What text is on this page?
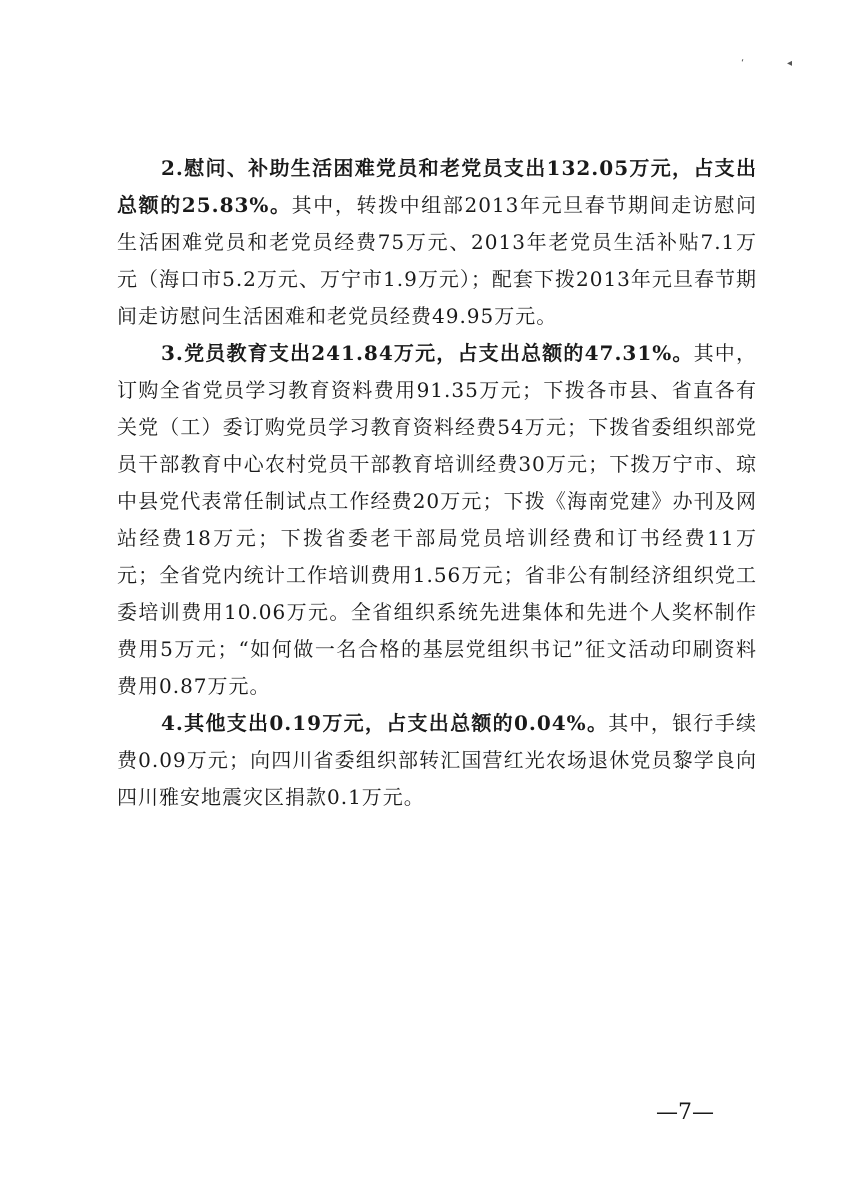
‘	◂

2.慰问、补助生活困难党员和老党员支出132.05万元，占支出总额的25.83%。其中，转拨中组部2013年元旦春节期间走访慰问生活困难党员和老党员经费75万元、2013年老党员生活补贴7.1万元（海口市5.2万元、万宁市1.9万元）；配套下拨2013年元旦春节期间走访慰问生活困难和老党员经费49.95万元。

3.党员教育支出241.84万元，占支出总额的47.31%。其中，订购全省党员学习教育资料费用91.35万元；下拨各市县、省直各有关党（工）委订购党员学习教育资料经费54万元；下拨省委组织部党员干部教育中心农村党员干部教育培训经费30万元；下拨万宁市、琼中县党代表常任制试点工作经费20万元；下拨《海南党建》办刊及网站经费18万元；下拨省委老干部局党员培训经费和订书经费11万元；全省党内统计工作培训费用1.56万元；省非公有制经济组织党工委培训费用10.06万元。全省组织系统先进集体和先进个人奖杯制作费用5万元；“如何做一名合格的基层党组织书记”征文活动印刷资料费用0.87万元。

4.其他支出0.19万元，占支出总额的0.04%。其中，银行手续费0.09万元；向四川省委组织部转汇国营红光农场退休党员黎学良向四川雅安地震灾区捐款0.1万元。

—7—
